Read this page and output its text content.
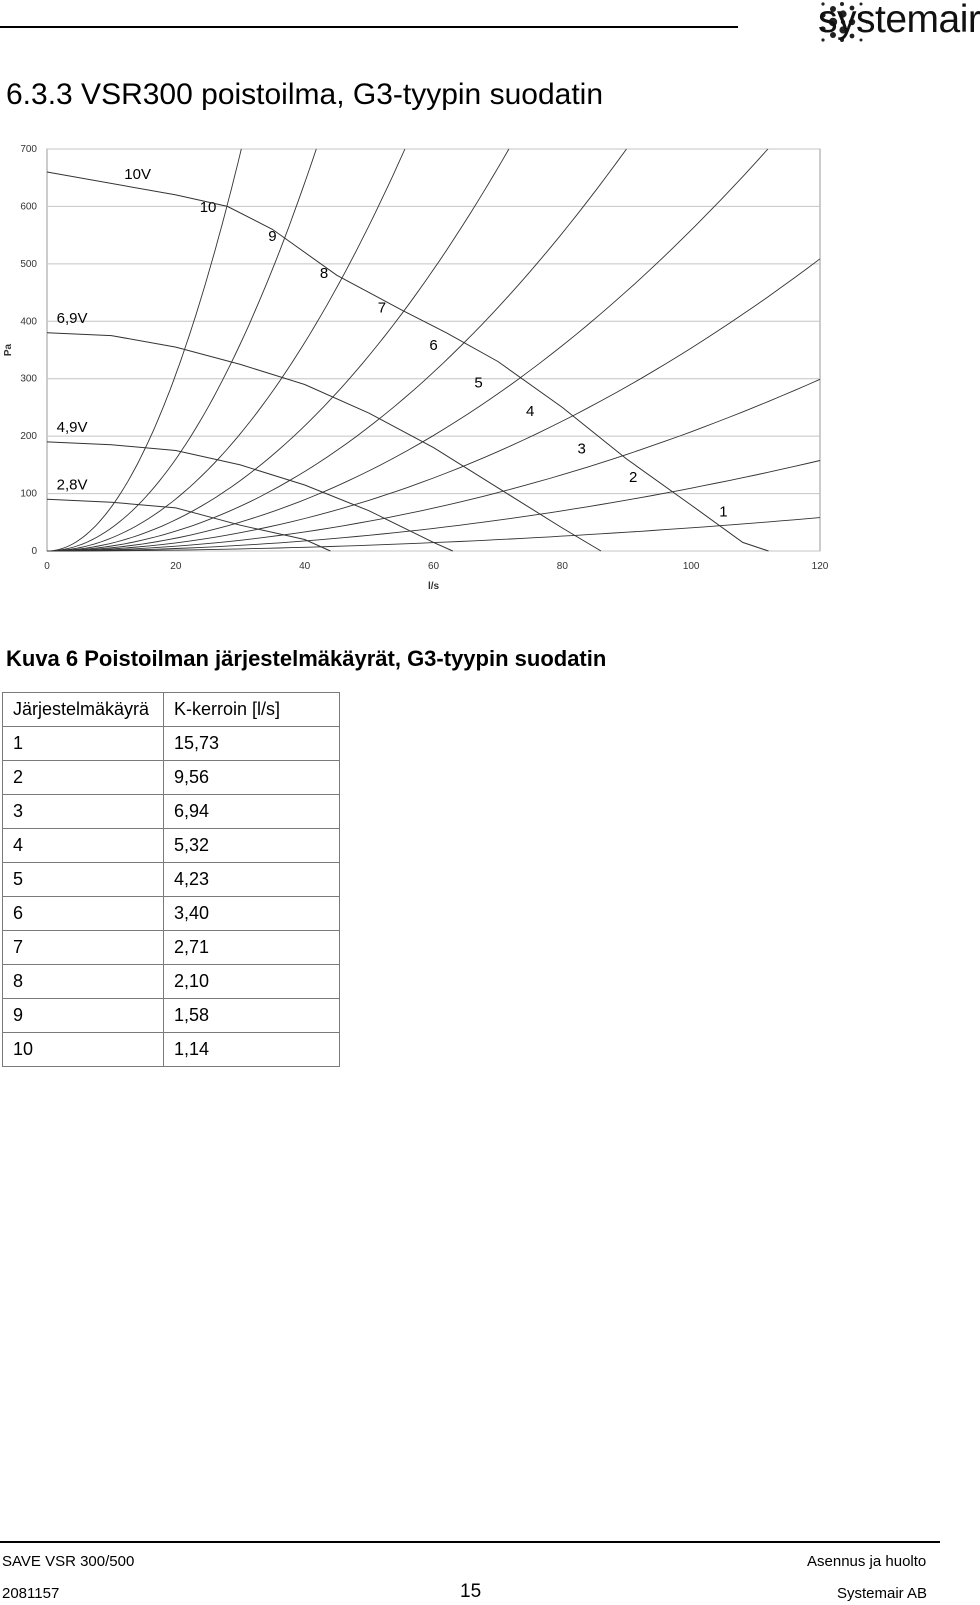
systemair
6.3.3 VSR300 poistoilma, G3-tyypin suodatin
0
100
200
300
400
500
600
700
0	20	40	60	80	100	120
l/s
Pa
1
2
3
4
5
6
7
8
9
10
10V
6,9V
4,9V
2,8V
Kuva 6 Poistoilman järjestelmäkäyrät, G3-tyypin suodatin
Järjestelmäkäyrä	K-kerroin [l/s]
1	15,73
2	9,56
3	6,94
4	5,32
5	4,23
6	3,40
7	2,71
8	2,10
9	1,58
10	1,14
SAVE VSR 300/500
2081157	15
Asennus ja huolto
Systemair AB
